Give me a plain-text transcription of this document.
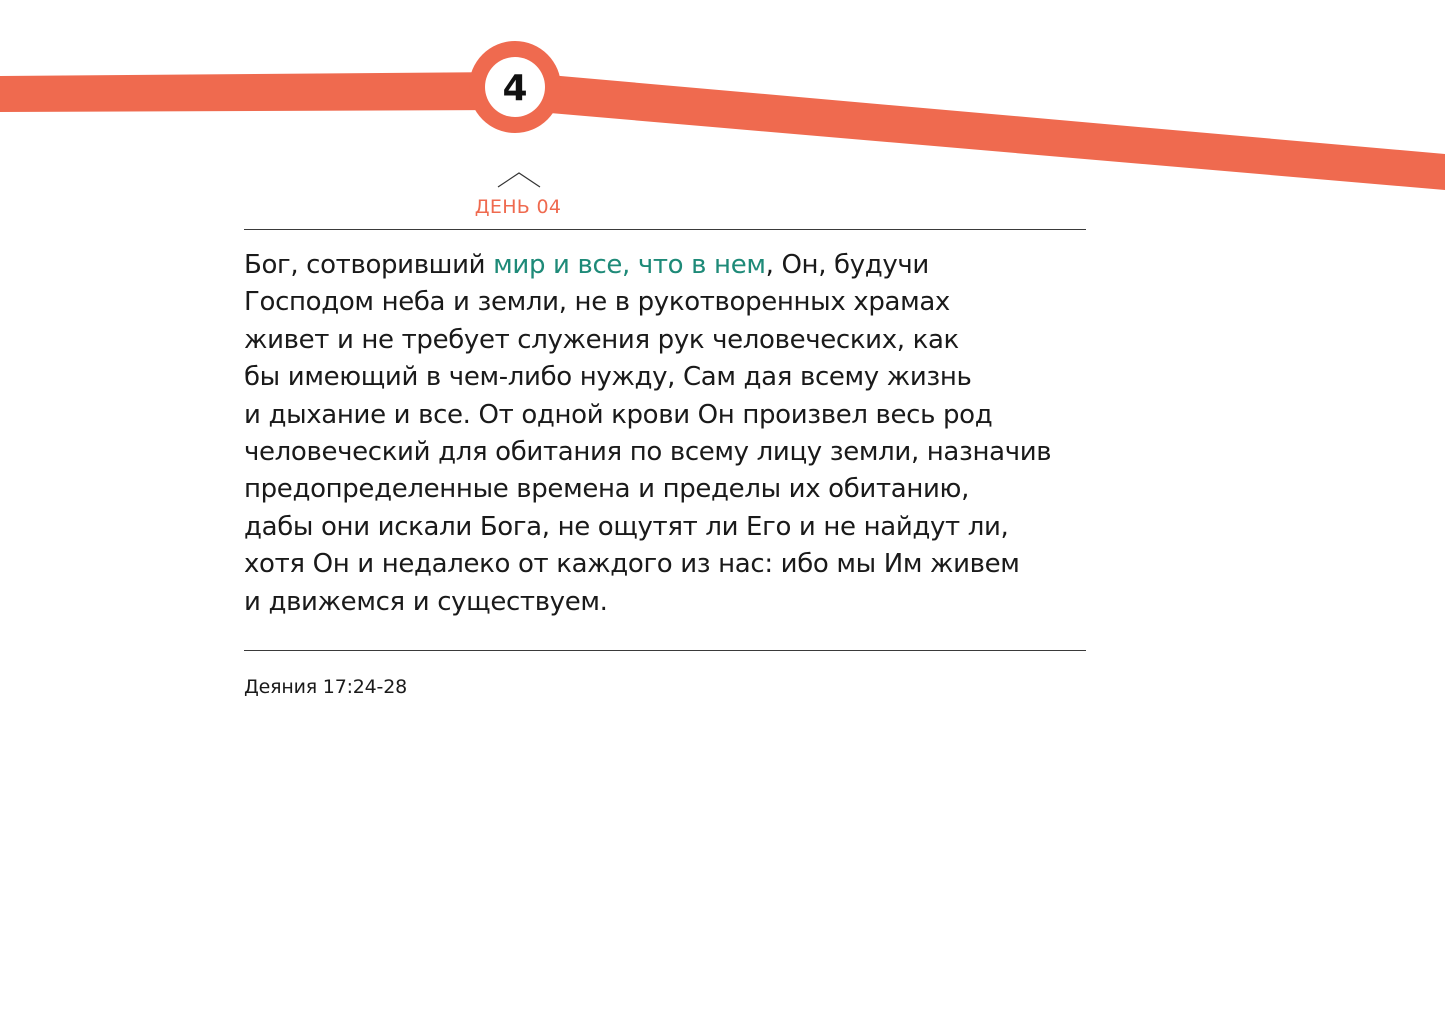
4
ДЕНЬ 04

Бог, сотворивший мир и все, что в нем, Он, будучи
Господом неба и земли, не в рукотворенных храмах
живет и не требует служения рук человеческих, как
бы имеющий в чем-либо нужду, Сам дая всему жизнь
и дыхание и все. От одной крови Он произвел весь род
человеческий для обитания по всему лицу земли, назначив
предопределенные времена и пределы их обитанию,
дабы они искали Бога, не ощутят ли Его и не найдут ли,
хотя Он и недалеко от каждого из нас: ибо мы Им живем
и движемся и существуем.

Деяния 17:24-28
